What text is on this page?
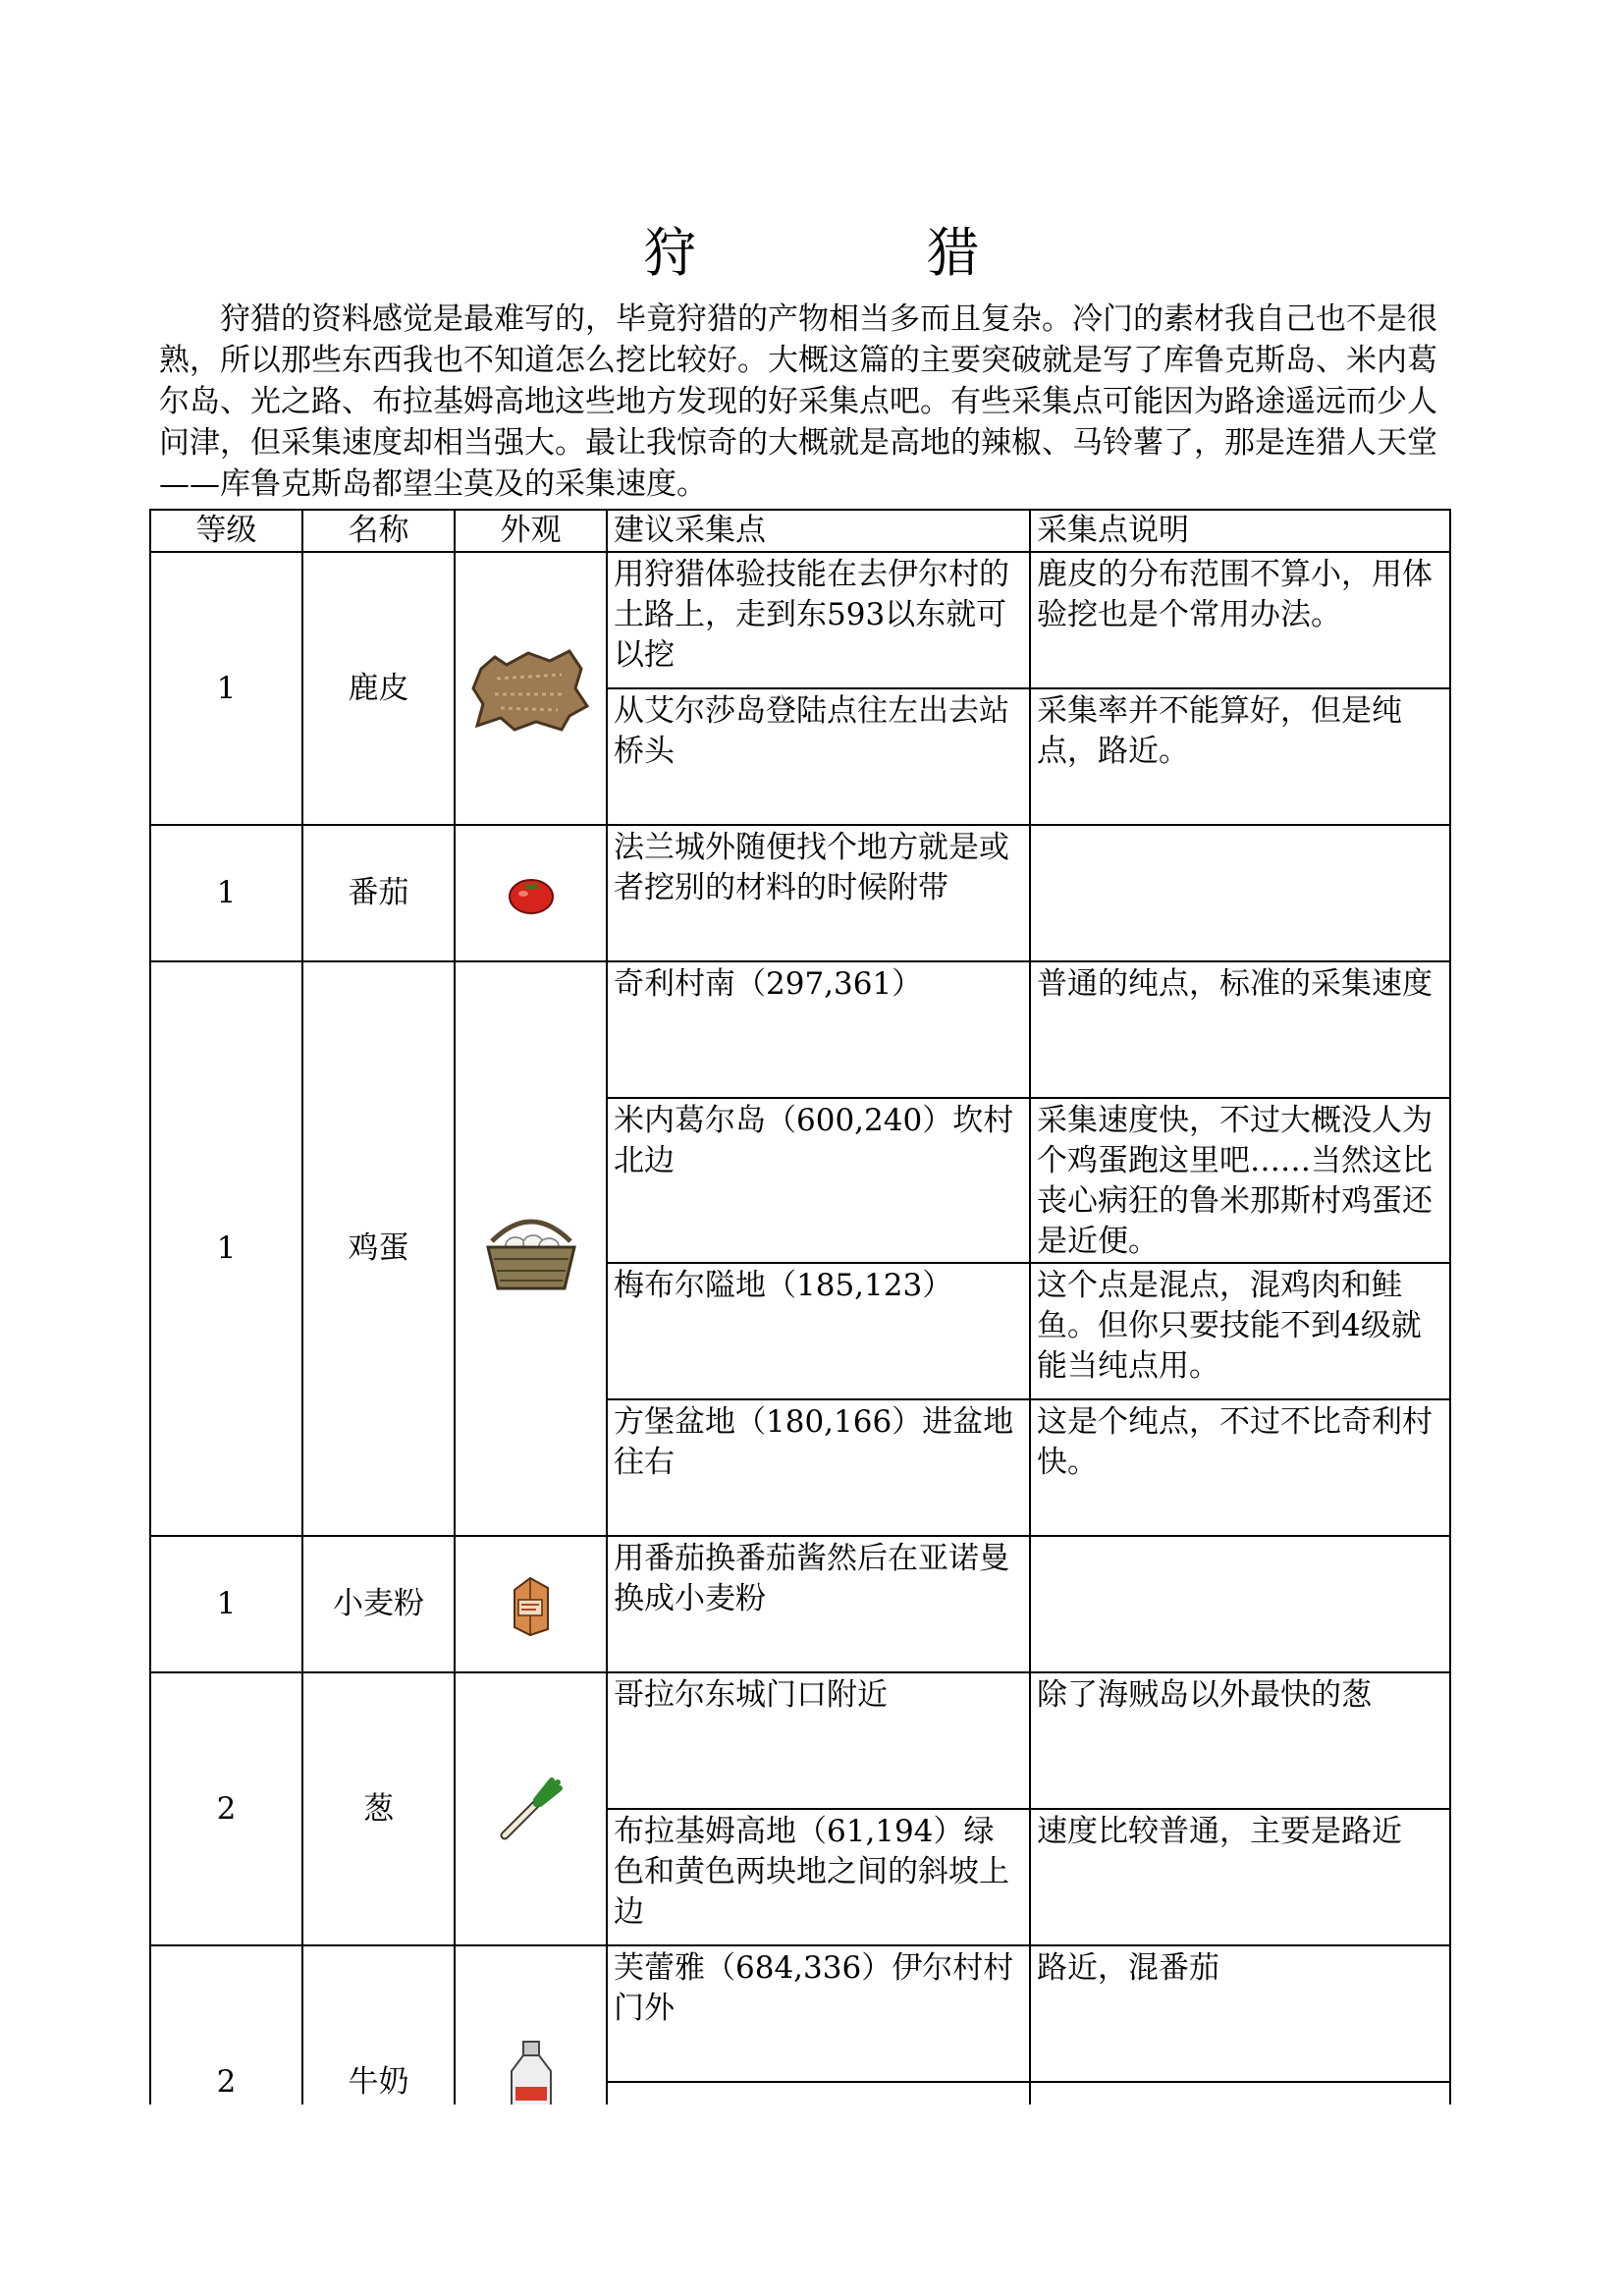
狩　猎

狩猎的资料感觉是最难写的，毕竟狩猎的产物相当多而且复杂。冷门的素材我自己也不是很熟，所以那些东西我也不知道怎么挖比较好。大概这篇的主要突破就是写了库鲁克斯岛、米内葛尔岛、光之路、布拉基姆高地这些地方发现的好采集点吧。有些采集点可能因为路途遥远而少人问津，但采集速度却相当强大。最让我惊奇的大概就是高地的辣椒、马铃薯了，那是连猎人天堂——库鲁克斯岛都望尘莫及的采集速度。

等级	名称	外观	建议采集点	采集点说明
1	鹿皮		用狩猎体验技能在去伊尔村的土路上，走到东593以东就可以挖	鹿皮的分布范围不算小，用体验挖也是个常用办法。
			从艾尔莎岛登陆点往左出去站桥头	采集率并不能算好，但是纯点，路近。
1	番茄		法兰城外随便找个地方就是或者挖别的材料的时候附带	
1	鸡蛋		奇利村南（297,361）	普通的纯点，标准的采集速度
			米内葛尔岛（600,240）坎村北边	采集速度快，不过大概没人为个鸡蛋跑这里吧……当然这比丧心病狂的鲁米那斯村鸡蛋还是近便。
			梅布尔隘地（185,123）	这个点是混点，混鸡肉和鲑鱼。但你只要技能不到4级就能当纯点用。
			方堡盆地（180,166）进盆地往右	这是个纯点，不过不比奇利村快。
1	小麦粉		用番茄换番茄酱然后在亚诺曼换成小麦粉	
2	葱		哥拉尔东城门口附近	除了海贼岛以外最快的葱
			布拉基姆高地（61,194）绿色和黄色两块地之间的斜坡上边	速度比较普通，主要是路近
2	牛奶		芙蕾雅（684,336）伊尔村村门外	路近，混番茄
